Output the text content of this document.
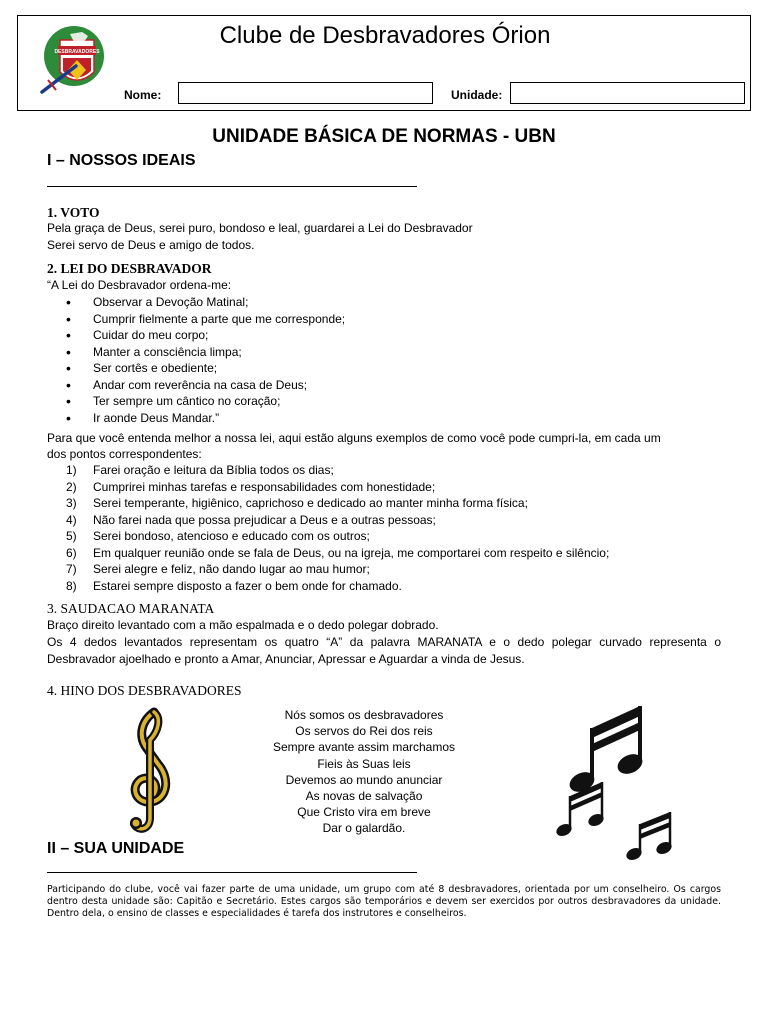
DESBRAVADORES
Clube de Desbravadores Órion
Nome:	Unidade:
UNIDADE BÁSICA DE NORMAS - UBN
I – NOSSOS IDEAIS
1. VOTO
Pela graça de Deus, serei puro, bondoso e leal, guardarei a Lei do Desbravador
Serei servo de Deus e amigo de todos.
2. LEI DO DESBRAVADOR
“A Lei do Desbravador ordena-me:
• Observar a Devoção Matinal;
• Cumprir fielmente a parte que me corresponde;
• Cuidar do meu corpo;
• Manter a consciência limpa;
• Ser cortês e obediente;
• Andar com reverência na casa de Deus;
• Ter sempre um cântico no coração;
• Ir aonde Deus Mandar.”
Para que você entenda melhor a nossa lei, aqui estão alguns exemplos de como você pode cumpri-la, em cada um
dos pontos correspondentes:
1) Farei oração e leitura da Bíblia todos os dias;
2) Cumprirei minhas tarefas e responsabilidades com honestidade;
3) Serei temperante, higiênico, caprichoso e dedicado ao manter minha forma física;
4) Não farei nada que possa prejudicar a Deus e a outras pessoas;
5) Serei bondoso, atencioso e educado com os outros;
6) Em qualquer reunião onde se fala de Deus, ou na igreja, me comportarei com respeito e silêncio;
7) Serei alegre e feliz, não dando lugar ao mau humor;
8) Estarei sempre disposto a fazer o bem onde for chamado.
3. SAUDACAO MARANATA
Braço direito levantado com a mão espalmada e o dedo polegar dobrado.
Os 4 dedos levantados representam os quatro “A” da palavra MARANATA e o dedo polegar curvado representa o Desbravador ajoelhado e pronto a Amar, Anunciar, Apressar e Aguardar a vinda de Jesus.
4. HINO DOS DESBRAVADORES
Nós somos os desbravadores
Os servos do Rei dos reis
Sempre avante assim marchamos
Fieis às Suas leis
Devemos ao mundo anunciar
As novas de salvação
Que Cristo vira em breve
Dar o galardão.
II – SUA UNIDADE
Participando do clube, você vai fazer parte de uma unidade, um grupo com até 8 desbravadores, orientada por um conselheiro. Os cargos dentro desta unidade são: Capitão e Secretário. Estes cargos são temporários e devem ser exercidos por outros desbravadores da unidade. Dentro dela, o ensino de classes e especialidades é tarefa dos instrutores e conselheiros.
